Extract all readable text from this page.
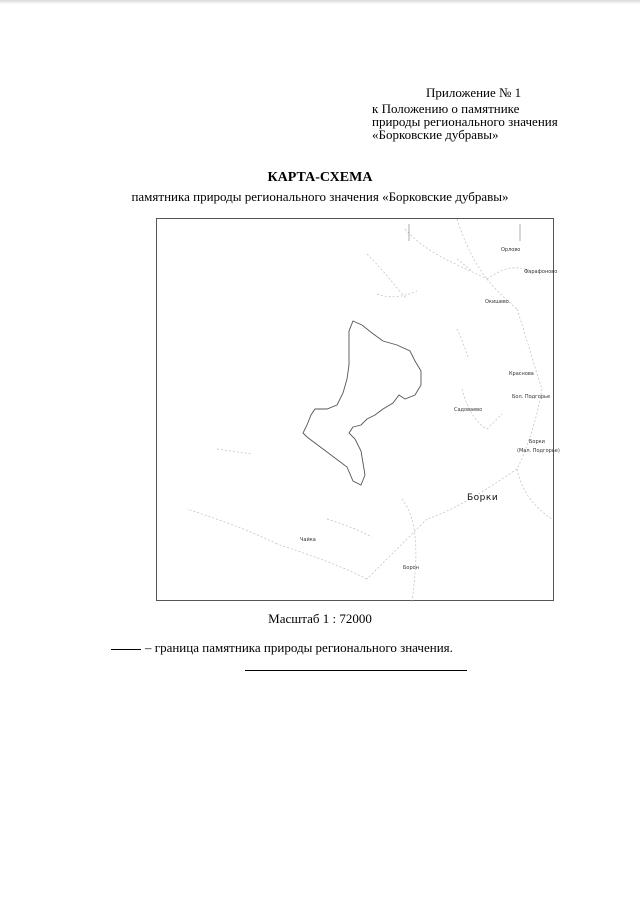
Приложение № 1
к Положению о памятнике
природы регионального значения
«Борковские дубравы»
КАРТА-СХЕМА
памятника природы регионального значения «Борковские дубравы»
Орлово
Фарафоново
Окишево
Краснова
Бол. Подгорье
Садоваево
Борки
(Мал. Подгорье)
Борки
Чайка
Борон
Масштаб 1 : 72000
– граница памятника природы регионального значения.
